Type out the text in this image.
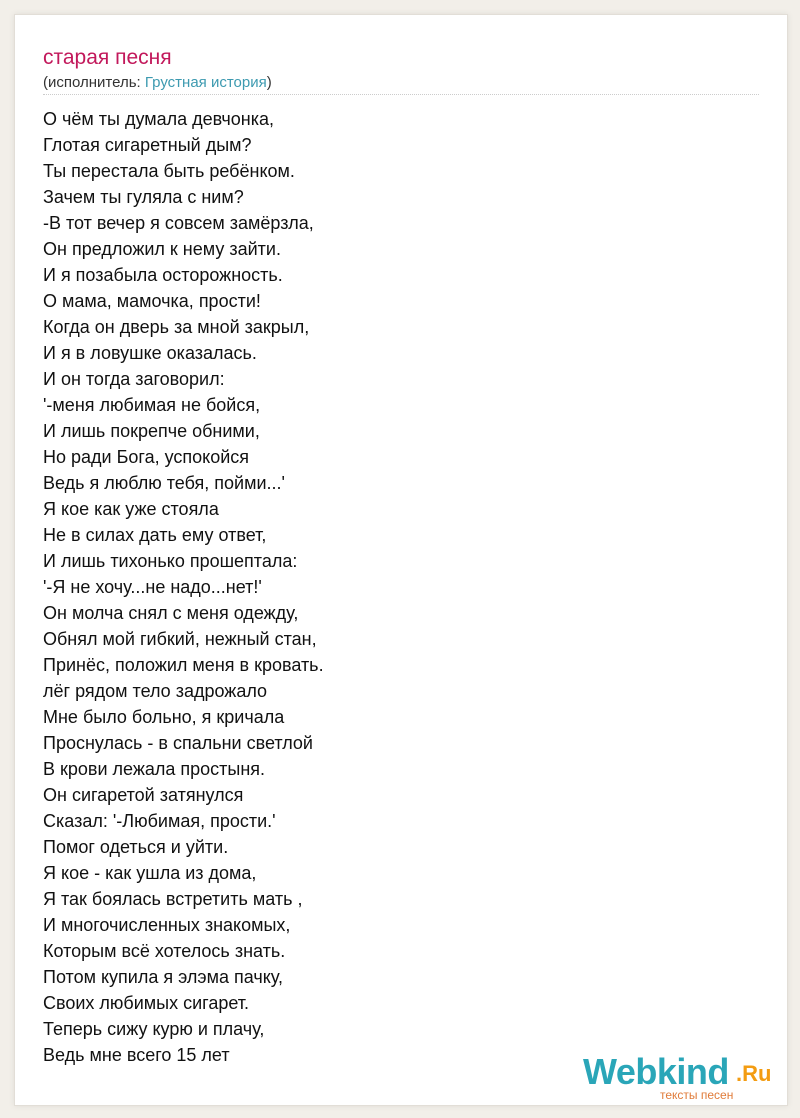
старая песня
(исполнитель: Грустная история)
О чём ты думала девчонка,
Глотая сигаретный дым?
Ты перестала быть ребёнком.
Зачем ты гуляла с ним?
-В тот вечер я совсем замёрзла,
Он предложил к нему зайти.
И я позабыла осторожность.
О мама, мамочка, прости!
Когда он дверь за мной закрыл,
И я в ловушке оказалась.
И он тогда заговорил:
'-меня любимая не бойся,
И лишь покрепче обними,
Но ради Бога, успокойся
Ведь я люблю тебя, пойми...'
Я кое как уже стояла
Не в силах дать ему ответ,
И лишь тихонько прошептала:
'-Я не хочу...не надо...нет!'
Он молча снял с меня одежду,
Обнял мой гибкий, нежный стан,
Принёс, положил меня в кровать.
лёг рядом тело задрожало
Мне было больно, я кричала
Проснулась - в спальни светлой
В крови лежала простыня.
Он сигаретой затянулся
Сказал: '-Любимая, прости.'
Помог одеться и уйти.
Я кое - как ушла из дома,
Я так боялась встретить мать ,
И многочисленных знакомых,
Которым всё хотелось знать.
Потом купила я элэма пачку,
Своих любимых сигарет.
Теперь сижу курю и плачу,
Ведь мне всего 15 лет	Webkind .Ru
тексты песен
